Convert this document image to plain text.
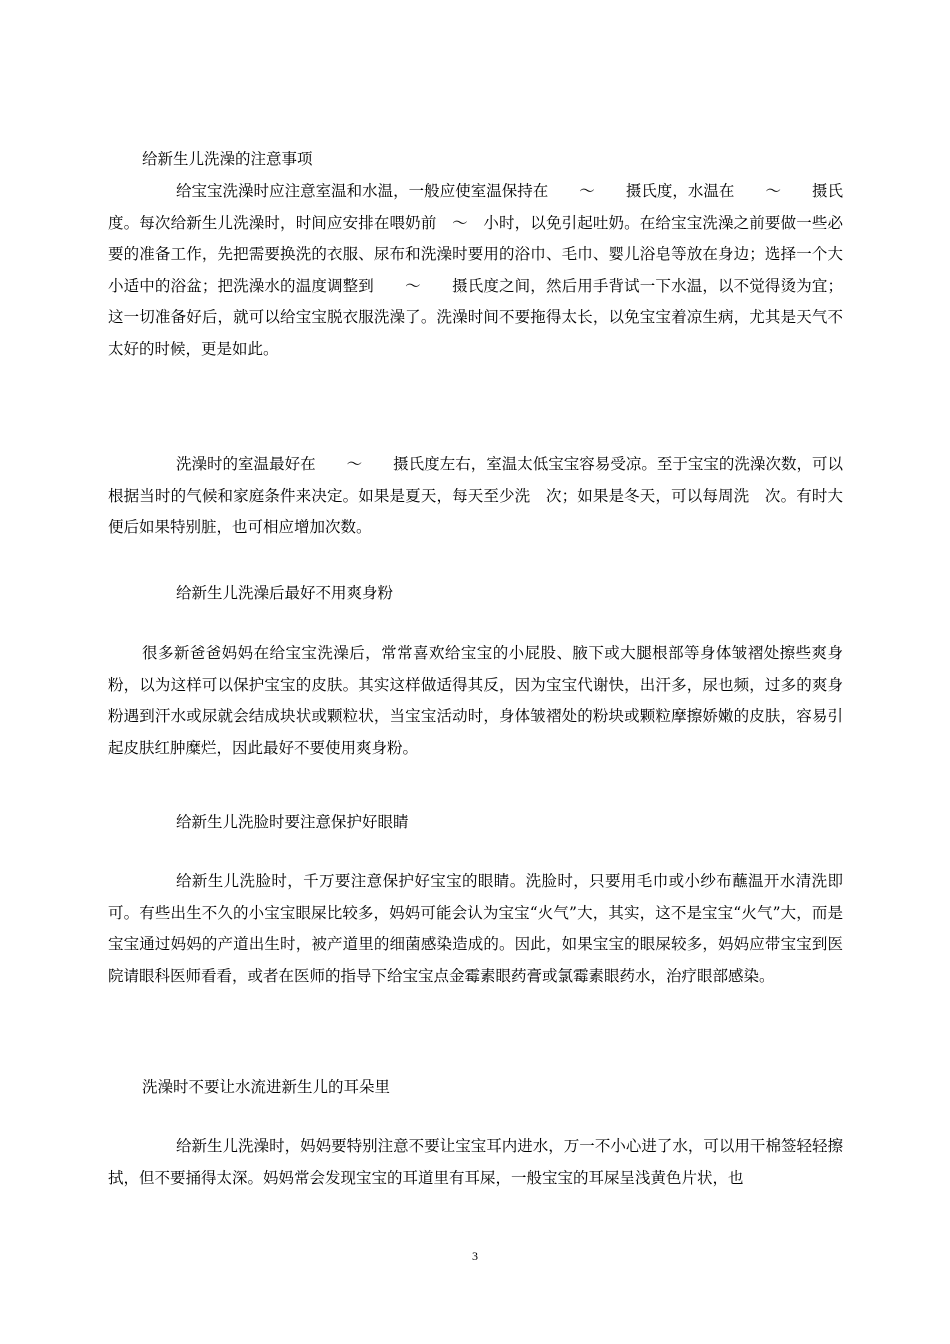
给新生儿洗澡的注意事项

给宝宝洗澡时应注意室温和水温，一般应使室温保持在　　～　　摄氏度，水温在　　～　　摄氏度。每次给新生儿洗澡时，时间应安排在喂奶前　～　小时，以免引起吐奶。在给宝宝洗澡之前要做一些必要的准备工作，先把需要换洗的衣服、尿布和洗澡时要用的浴巾、毛巾、婴儿浴皂等放在身边；选择一个大小适中的浴盆；把洗澡水的温度调整到　　～　　摄氏度之间，然后用手背试一下水温，以不觉得烫为宜；这一切准备好后，就可以给宝宝脱衣服洗澡了。洗澡时间不要拖得太长，以免宝宝着凉生病，尤其是天气不太好的时候，更是如此。

洗澡时的室温最好在　　～　　摄氏度左右，室温太低宝宝容易受凉。至于宝宝的洗澡次数，可以根据当时的气候和家庭条件来决定。如果是夏天，每天至少洗　次；如果是冬天，可以每周洗　次。有时大便后如果特别脏，也可相应增加次数。

给新生儿洗澡后最好不用爽身粉

很多新爸爸妈妈在给宝宝洗澡后，常常喜欢给宝宝的小屁股、腋下或大腿根部等身体皱褶处擦些爽身粉，以为这样可以保护宝宝的皮肤。其实这样做适得其反，因为宝宝代谢快，出汗多，尿也频，过多的爽身粉遇到汗水或尿就会结成块状或颗粒状，当宝宝活动时，身体皱褶处的粉块或颗粒摩擦娇嫩的皮肤，容易引起皮肤红肿糜烂，因此最好不要使用爽身粉。

给新生儿洗脸时要注意保护好眼睛

给新生儿洗脸时，千万要注意保护好宝宝的眼睛。洗脸时，只要用毛巾或小纱布蘸温开水清洗即可。有些出生不久的小宝宝眼屎比较多，妈妈可能会认为宝宝“火气”大，其实，这不是宝宝“火气”大，而是宝宝通过妈妈的产道出生时，被产道里的细菌感染造成的。因此，如果宝宝的眼屎较多，妈妈应带宝宝到医院请眼科医师看看，或者在医师的指导下给宝宝点金霉素眼药膏或氯霉素眼药水，治疗眼部感染。

洗澡时不要让水流进新生儿的耳朵里

给新生儿洗澡时，妈妈要特别注意不要让宝宝耳内进水，万一不小心进了水，可以用干棉签轻轻擦拭，但不要捅得太深。妈妈常会发现宝宝的耳道里有耳屎，一般宝宝的耳屎呈浅黄色片状，也

3
